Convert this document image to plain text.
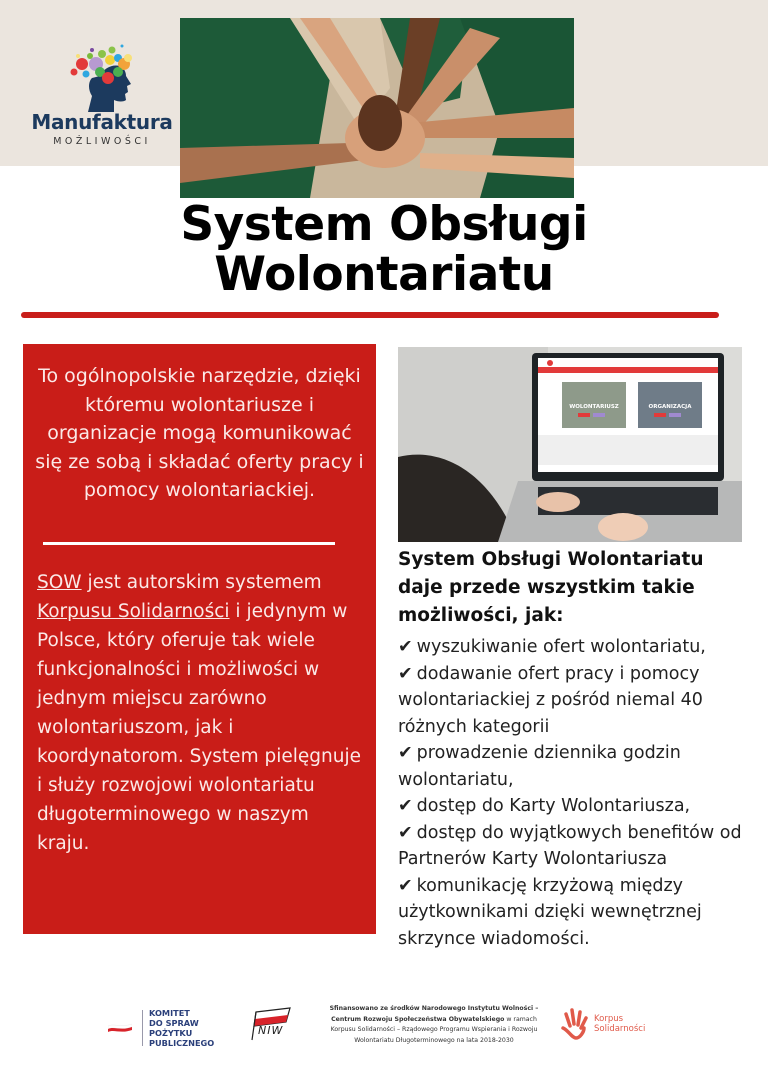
Manufaktura
MOŻLIWOŚCI
System Obsługi
Wolontariatu

To ogólnopolskie narzędzie, dzięki któremu wolontariusze i organizacje mogą komunikować się ze sobą i składać oferty pracy i pomocy wolontariackiej.

SOW jest autorskim systemem Korpusu Solidarności i jedynym w Polsce, który oferuje tak wiele funkcjonalności i możliwości w jednym miejscu zarówno wolontariuszom, jak i koordynatorom. System pielęgnuje i służy rozwojowi wolontariatu długoterminowego w naszym kraju.

WOLONTARIUSZ	ORGANIZACJA
System Obsługi Wolontariatu daje przede wszystkim takie możliwości, jak:
✔ wyszukiwanie ofert wolontariatu,
✔ dodawanie ofert pracy i pomocy wolontariackiej z pośród niemal 40 różnych kategorii
✔ prowadzenie dziennika godzin wolontariatu,
✔ dostęp do Karty Wolontariusza,
✔ dostęp do wyjątkowych benefitów od Partnerów Karty Wolontariusza
✔ komunikację krzyżową między użytkownikami dzięki wewnętrznej skrzynce wiadomości.
KOMITET
DO SPRAW
POŻYTKU
PUBLICZNEGO
NIW
Sfinansowano ze środków Narodowego Instytutu Wolności –
Centrum Rozwoju Społeczeństwa Obywatelskiego w ramach
Korpusu Solidarności – Rządowego Programu Wspierania i Rozwoju
Wolontariatu Długoterminowego na lata 2018-2030
Korpus
Solidarności
